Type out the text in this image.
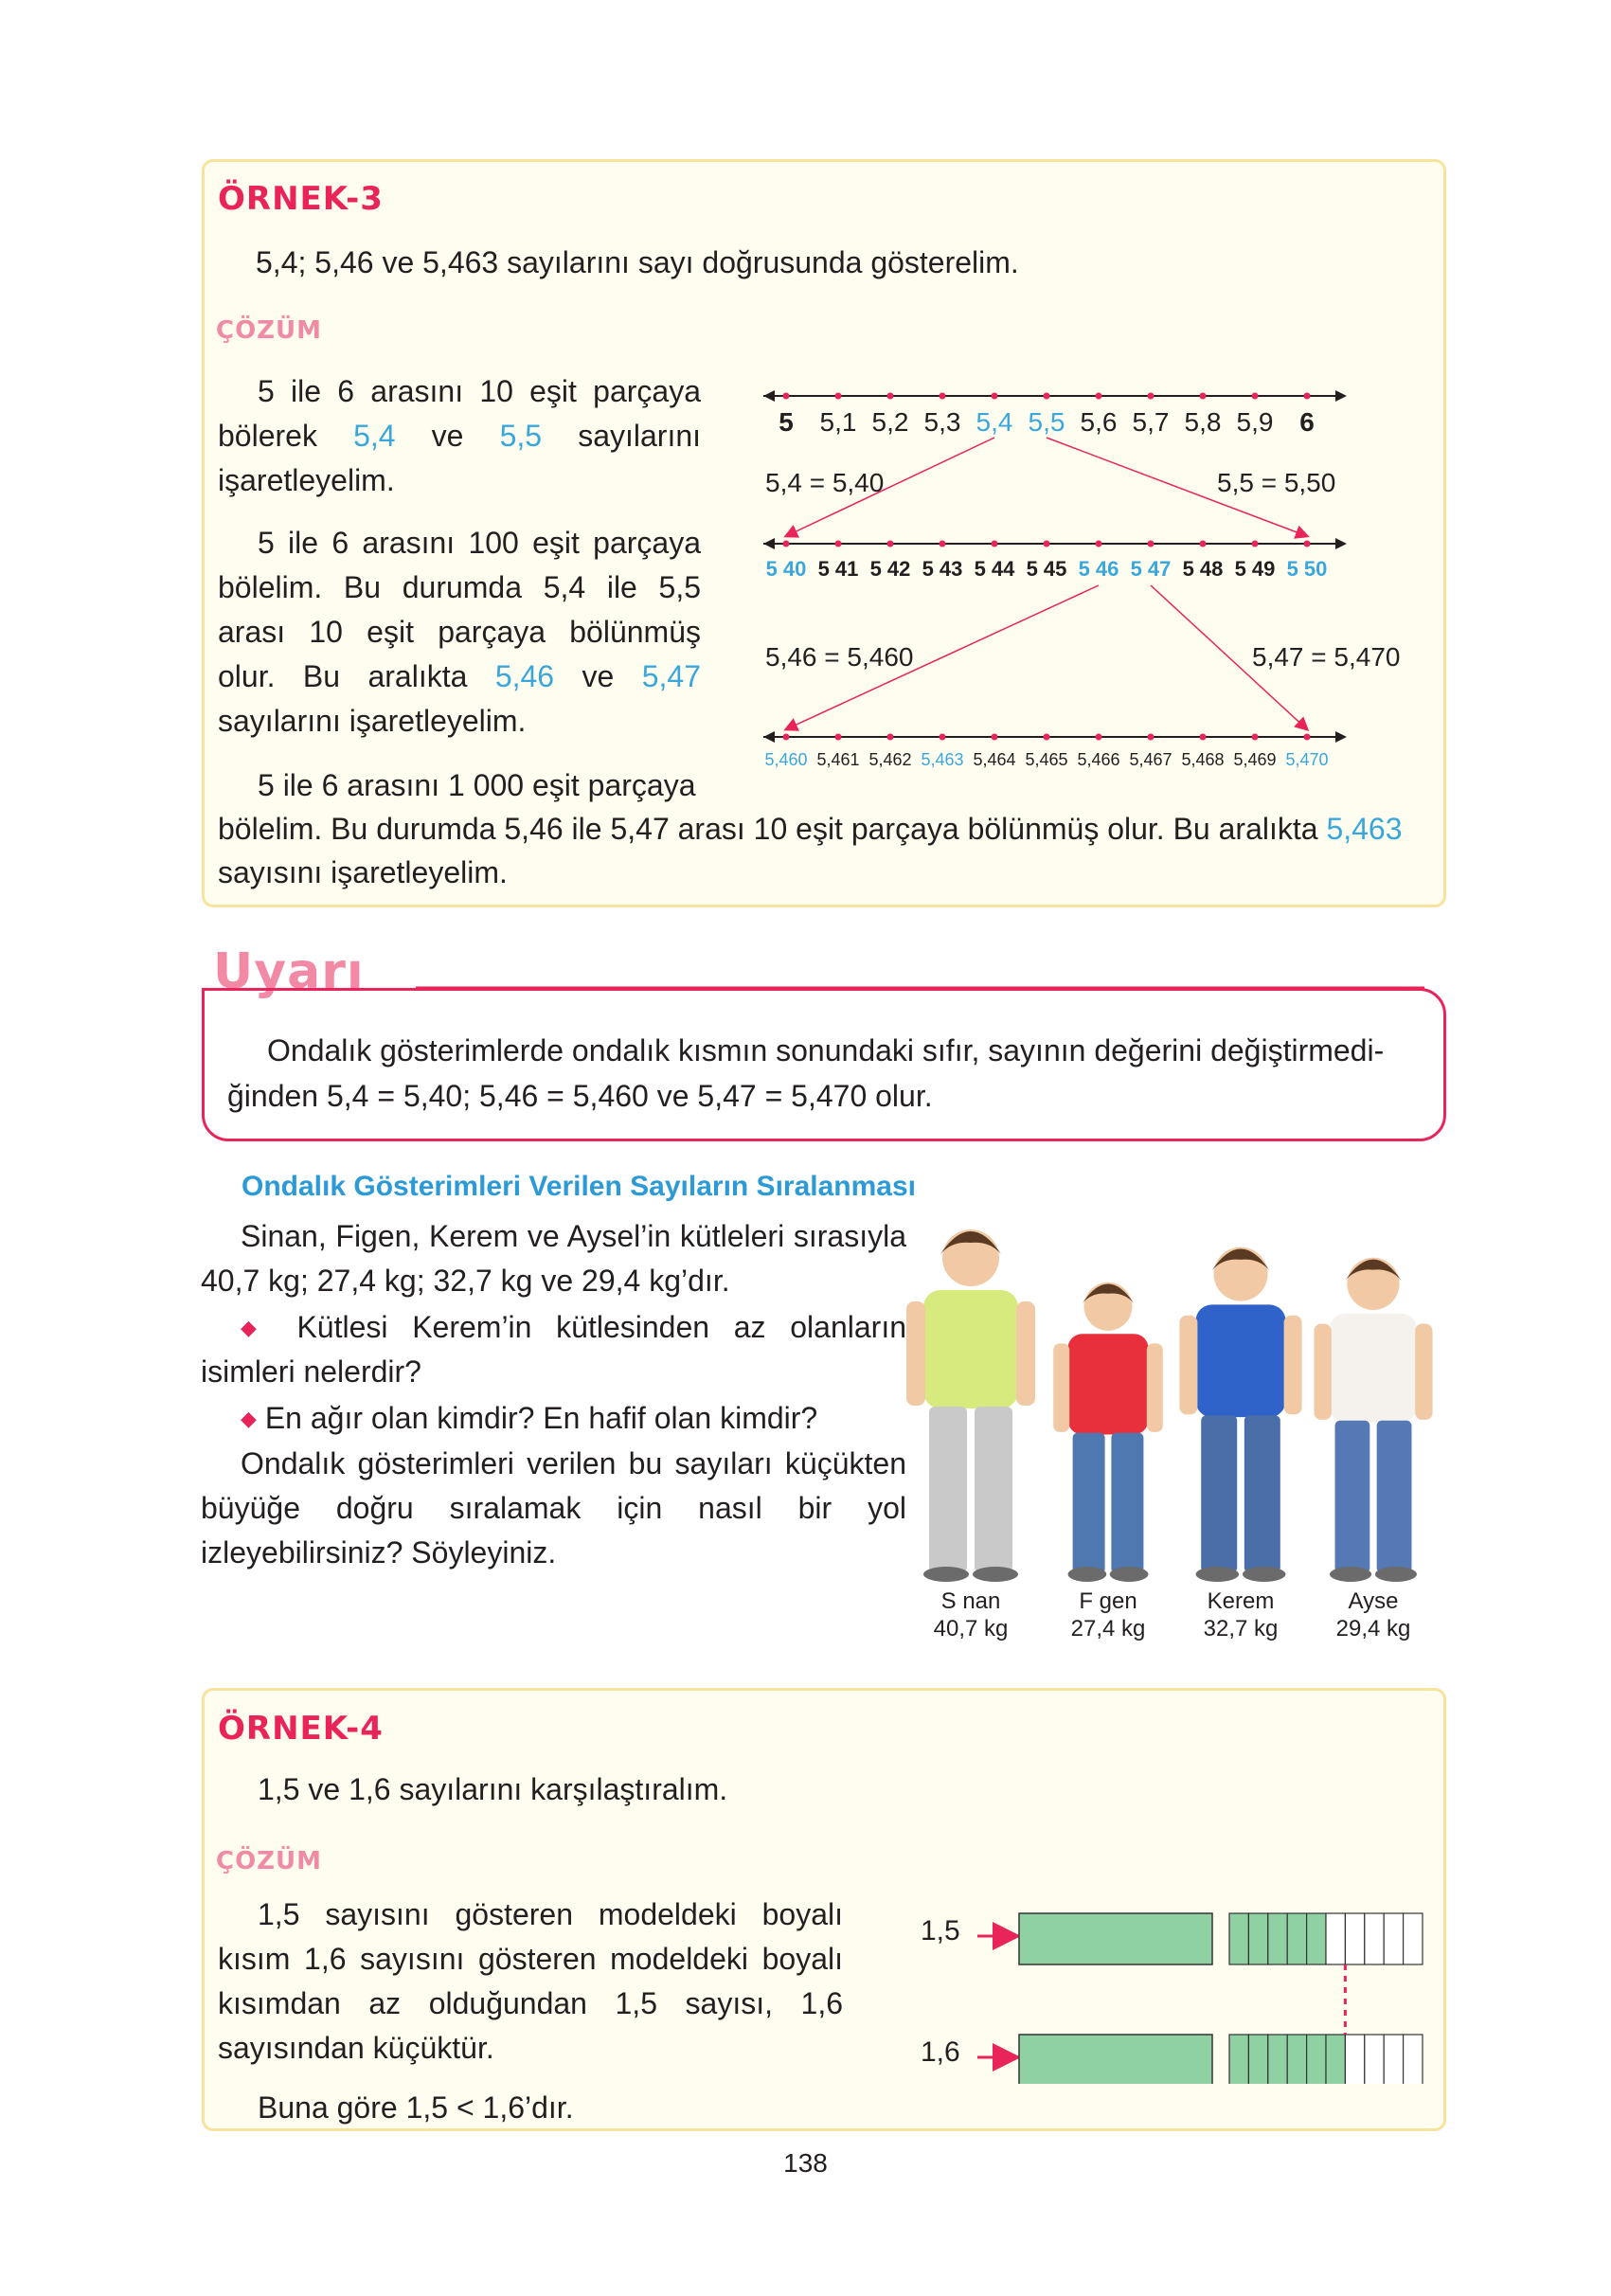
ÖRNEK-3
5,4; 5,46 ve 5,463 sayılarını sayı doğrusunda gösterelim.
ÇÖZÜM
5 ile 6 arasını 10 eşit parçaya bölerek 5,4 ve 5,5 sayılarını işaretleyelim.
5 ile 6 arasını 100 eşit parçaya bölelim. Bu durumda 5,4 ile 5,5 arası 10 eşit parçaya bölünmüş olur. Bu aralıkta 5,46 ve 5,47 sayılarını işaretleyelim.
5 ile 6 arasını 1 000 eşit parçaya
bölelim. Bu durumda 5,46 ile 5,47 arası 10 eşit parçaya bölünmüş olur. Bu aralıkta 5,463
sayısını işaretleyelim.
5 5,1 5,2 5,3 5,4 5,5 5,6 5,7 5,8 5,9 6
5 40 5 41 5 42 5 43 5 44 5 45 5 46 5 47 5 48 5 49 5 50
5,460 5,461 5,462 5,463 5,464 5,465 5,466 5,467 5,468 5,469 5,470
5,4 = 5,40	5,5 = 5,50
5,46 = 5,460	5,47 = 5,470
Uyarı
Ondalık gösterimlerde ondalık kısmın sonundaki sıfır, sayının değerini değiştirmedi-
ğinden 5,4 = 5,40; 5,46 = 5,460 ve 5,47 = 5,470 olur.
Ondalık Gösterimleri Verilen Sayıların Sıralanması
Sinan, Figen, Kerem ve Aysel’in kütleleri sırasıyla 40,7 kg; 27,4 kg; 32,7 kg ve 29,4 kg’dır.
◆ Kütlesi Kerem’in kütlesinden az olanların isimleri nelerdir?
◆ En ağır olan kimdir? En hafif olan kimdir?
Ondalık gösterimleri verilen bu sayıları küçükten büyüğe doğru sıralamak için nasıl bir yol izleyebilirsiniz? Söyleyiniz.
S nan
40,7 kg
F gen
27,4 kg
Kerem
32,7 kg
Ayse
29,4 kg
ÖRNEK-4
1,5 ve 1,6 sayılarını karşılaştıralım.
ÇÖZÜM
1,5 sayısını gösteren modeldeki boyalı kısım 1,6 sayısını gösteren modeldeki boyalı kısımdan az olduğundan 1,5 sayısı, 1,6 sayısından küçüktür.
Buna göre 1,5 < 1,6’dır.
1,5
1,6
138
